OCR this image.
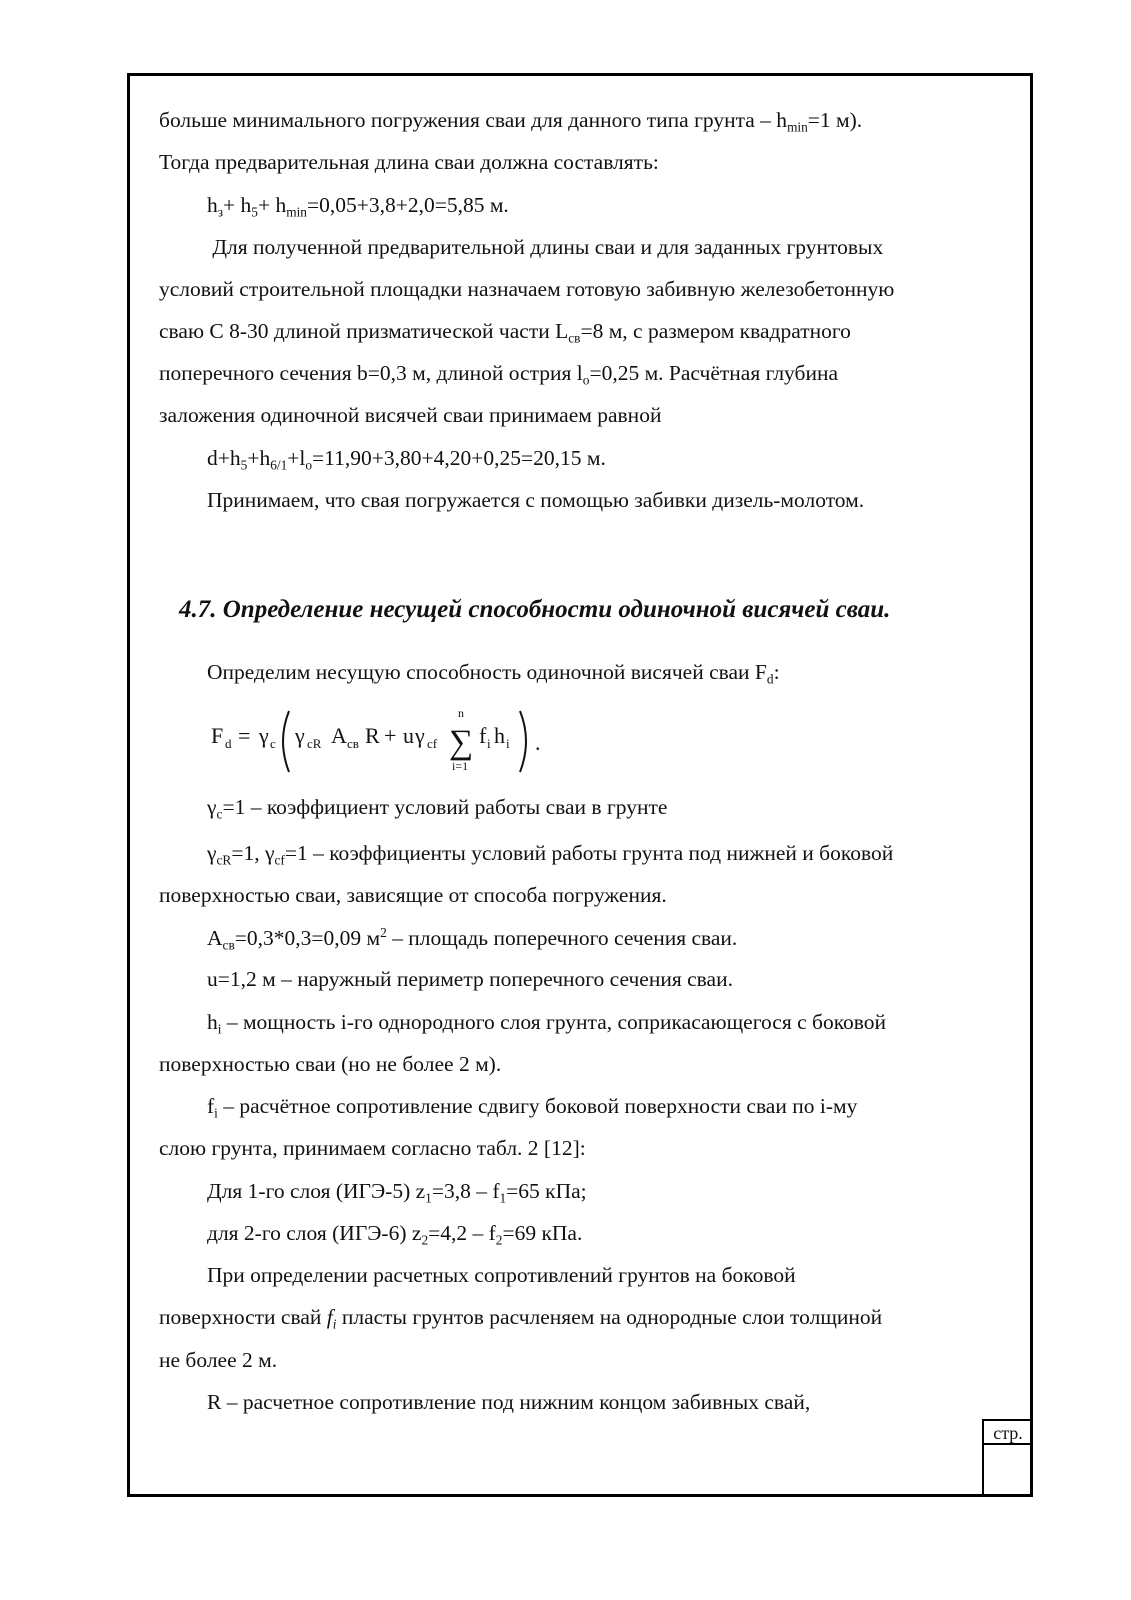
больше минимального погружения сваи для данного типа грунта – $h_{min}=1$ м).
Тогда предварительная длина сваи должна составлять:
$h_з+ h_5+ h_{min}=0,05+3,8+2,0=5,85$ м.
Для полученной предварительной длины сваи и для заданных грунтовых
условий строительной площадки назначаем готовую забивную железобетонную
сваю С 8-30 длиной призматической части $L_{св}=8$ м, с размером квадратного
поперечного сечения b=0,3 м, длиной острия $l_о=0,25$ м. Расчётная глубина
заложения одиночной висячей сваи принимаем равной
$d+h_5+h_{6/1}+l_о=11,90+3,80+4,20+0,25=20,15$ м.
Принимаем, что свая погружается с помощью забивки дизель-молотом.
4.7. Определение несущей способности одиночной висячей сваи.
Определим несущую способность одиночной висячей сваи $F_d$:
F d = γ c γ cR A св R + u γ cf
n
∑
i=1
f i h i .
$\gamma_c=1$ – коэффициент условий работы сваи в грунте
$\gamma_{cR}=1$, $\gamma_{cf}=1$ – коэффициенты условий работы грунта под нижней и боковой
поверхностью сваи, зависящие от способа погружения.
$A_{св}=0,3*0,3=0,09$ $м^2$ – площадь поперечного сечения сваи.
u=1,2 м – наружный периметр поперечного сечения сваи.
$h_i$ – мощность i-го однородного слоя грунта, соприкасающегося с боковой
поверхностью сваи (но не более 2 м).
$f_i$ – расчётное сопротивление сдвигу боковой поверхности сваи по i-му
слою грунта, принимаем согласно табл. 2 [12]:
Для 1-го слоя (ИГЭ-5) $z_1=3,8 - f_1=65$ кПа;
для 2-го слоя (ИГЭ-6) $z_2=4,2 - f_2=69$ кПа.
При определении расчетных сопротивлений грунтов на боковой
поверхности свай $f_i$ пласты грунтов расчленяем на однородные слои толщиной
не более 2 м.
R – расчетное сопротивление под нижним концом забивных свай,
стр.
